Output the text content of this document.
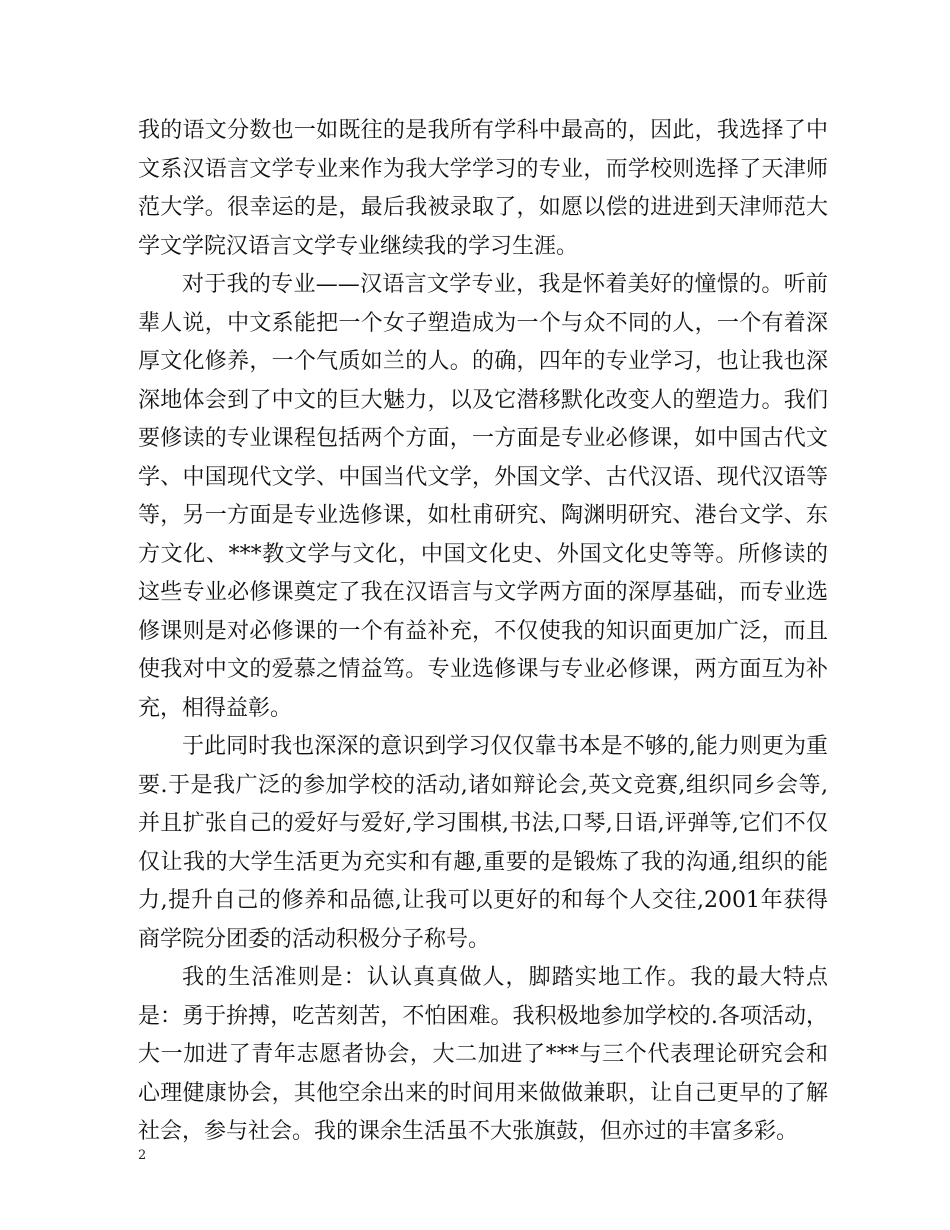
我的语文分数也一如既往的是我所有学科中最高的，因此，我选择了中文系汉语言文学专业来作为我大学学习的专业，而学校则选择了天津师范大学。很幸运的是，最后我被录取了，如愿以偿的进进到天津师范大学文学院汉语言文学专业继续我的学习生涯。

对于我的专业——汉语言文学专业，我是怀着美好的憧憬的。听前辈人说，中文系能把一个女子塑造成为一个与众不同的人，一个有着深厚文化修养，一个气质如兰的人。的确，四年的专业学习，也让我也深深地体会到了中文的巨大魅力，以及它潜移默化改变人的塑造力。我们要修读的专业课程包括两个方面，一方面是专业必修课，如中国古代文学、中国现代文学、中国当代文学，外国文学、古代汉语、现代汉语等等，另一方面是专业选修课，如杜甫研究、陶渊明研究、港台文学、东方文化、***教文学与文化，中国文化史、外国文化史等等。所修读的这些专业必修课奠定了我在汉语言与文学两方面的深厚基础，而专业选修课则是对必修课的一个有益补充，不仅使我的知识面更加广泛，而且使我对中文的爱慕之情益笃。专业选修课与专业必修课，两方面互为补充，相得益彰。

于此同时我也深深的意识到学习仅仅靠书本是不够的,能力则更为重要.于是我广泛的参加学校的活动,诸如辩论会,英文竞赛,组织同乡会等,并且扩张自己的爱好与爱好,学习围棋,书法,口琴,日语,评弹等,它们不仅仅让我的大学生活更为充实和有趣,重要的是锻炼了我的沟通,组织的能力,提升自己的修养和品德,让我可以更好的和每个人交往,2001年获得商学院分团委的活动积极分子称号。

我的生活准则是：认认真真做人，脚踏实地工作。我的最大特点是：勇于拚搏，吃苦刻苦，不怕困难。我积极地参加学校的.各项活动，大一加进了青年志愿者协会，大二加进了***与三个代表理论研究会和心理健康协会，其他空余出来的时间用来做做兼职，让自己更早的了解社会，参与社会。我的课余生活虽不大张旗鼓，但亦过的丰富多彩。

2
